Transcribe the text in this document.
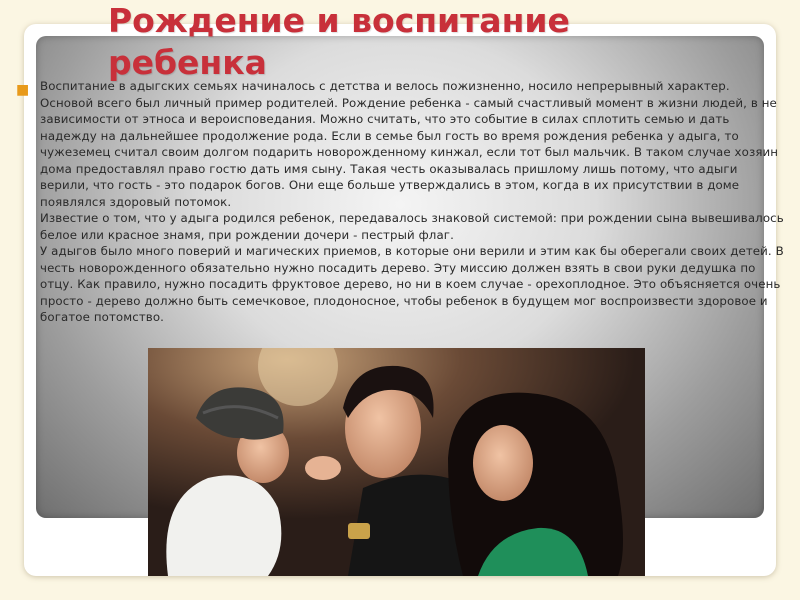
Рождение и воспитание ребенка
■ Воспитание в адыгских семьях начиналось с детства и велось пожизненно, носило непрерывный характер. Основой всего был личный пример родителей. Рождение ребенка - самый счастливый момент в жизни людей, в не зависимости от этноса и вероисповедания. Можно считать, что это событие в силах сплотить семью и дать надежду на дальнейшее продолжение рода. Если в семье был гость во время рождения ребенка у адыга, то чужеземец считал своим долгом подарить новорожденному кинжал, если тот был мальчик. В таком случае хозяин дома предоставлял право гостю дать имя сыну. Такая честь оказывалась пришлому лишь потому, что адыги верили, что гость - это подарок богов. Они еще больше утверждались в этом, когда в их присутствии в доме появлялся здоровый потомок.

Известие о том, что у адыга родился ребенок, передавалось знаковой системой: при рождении сына вывешивалось белое или красное знамя, при рождении дочери - пестрый флаг.

У адыгов было много поверий и магических приемов, в которые они верили и этим как бы оберегали своих детей. В честь новорожденного обязательно нужно посадить дерево. Эту миссию должен взять в свои руки дедушка по отцу. Как правило, нужно посадить фруктовое дерево, но ни в коем случае - орехоплодное. Это объясняется очень просто - дерево должно быть семечковое, плодоносное, чтобы ребенок в будущем мог воспроизвести здоровое и богатое потомство.
